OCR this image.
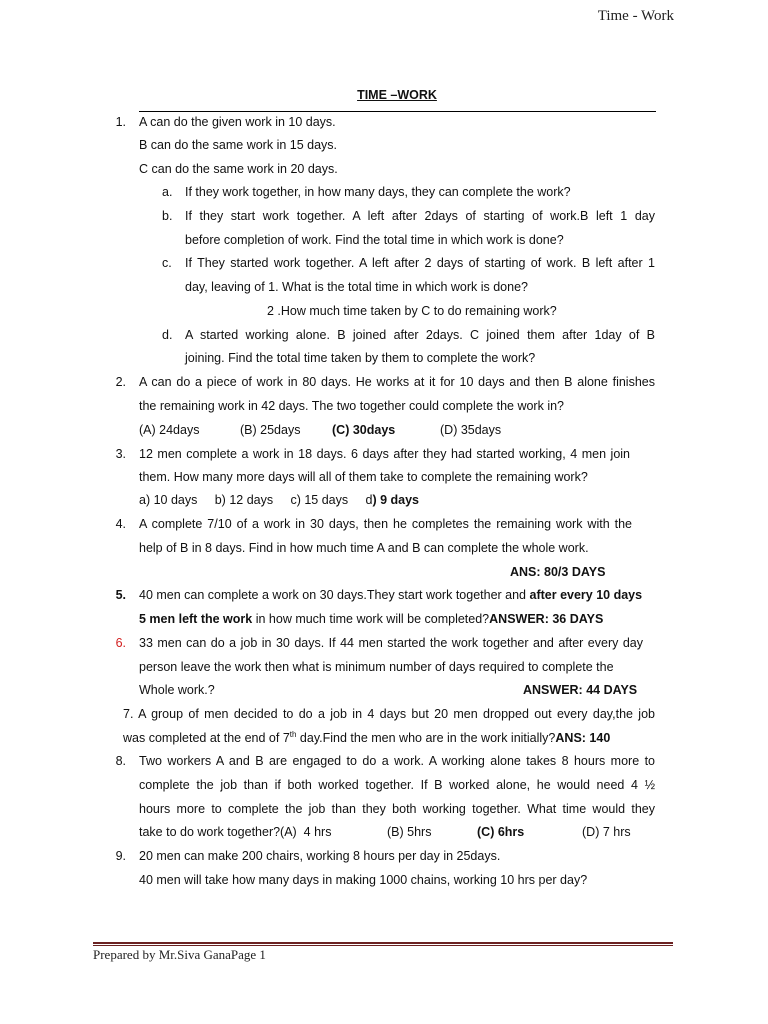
Time - Work
TIME –WORK
1. A can do the given work in 10 days.
B can do the same work in 15 days.
C can do the same work in 20 days.
a. If they work together, in how many days, they can complete the work?
b. If they start work together. A left after 2days of starting of work.B left 1 day
before completion of work. Find the total time in which work is done?
c. If They started work together. A left after 2 days of starting of work. B left after 1
day, leaving of 1. What is the total time in which work is done?
2 .How much time taken by C to do remaining work?
d. A started working alone. B joined after 2days. C joined them after 1day of B
joining. Find the total time taken by them to complete the work?
2. A can do a piece of work in 80 days. He works at it for 10 days and then B alone finishes
the remaining work in 42 days. The two together could complete the work in?
(A) 24days	(B) 25days	(C) 30days	(D) 35days
3. 12 men complete a work in 18 days. 6 days after they had started working, 4 men join
them. How many more days will all of them take to complete the remaining work?
a) 10 days     b) 12 days     c) 15 days     d) 9 days
4. A complete 7/10 of a work in 30 days, then he completes the remaining work with the
help of B in 8 days. Find in how much time A and B can complete the whole work.
ANS: 80/3 DAYS
5. 40 men can complete a work on 30 days.They start work together and after every 10 days
5 men left the work in how much time work will be completed?ANSWER: 36 DAYS
6. 33 men can do a job in 30 days. If 44 men started the work together and after every day
person leave the work then what is minimum number of days required to complete the
Whole work.?	ANSWER: 44 DAYS
7. A group of men decided to do a job in 4 days but 20 men dropped out every day,the job
was completed at the end of 7th day.Find the men who are in the work initially?ANS: 140
8. Two workers A and B are engaged to do a work. A working alone takes 8 hours more to
complete the job than if both worked together. If B worked alone, he would need 4 ½
hours more to complete the job than they both working together. What time would they
take to do work together?(A)  4 hrs	(B) 5hrs	(C) 6hrs	(D) 7 hrs
9. 20 men can make 200 chairs, working 8 hours per day in 25days.
40 men will take how many days in making 1000 chains, working 10 hrs per day?
Prepared by Mr.Siva GanaPage 1
